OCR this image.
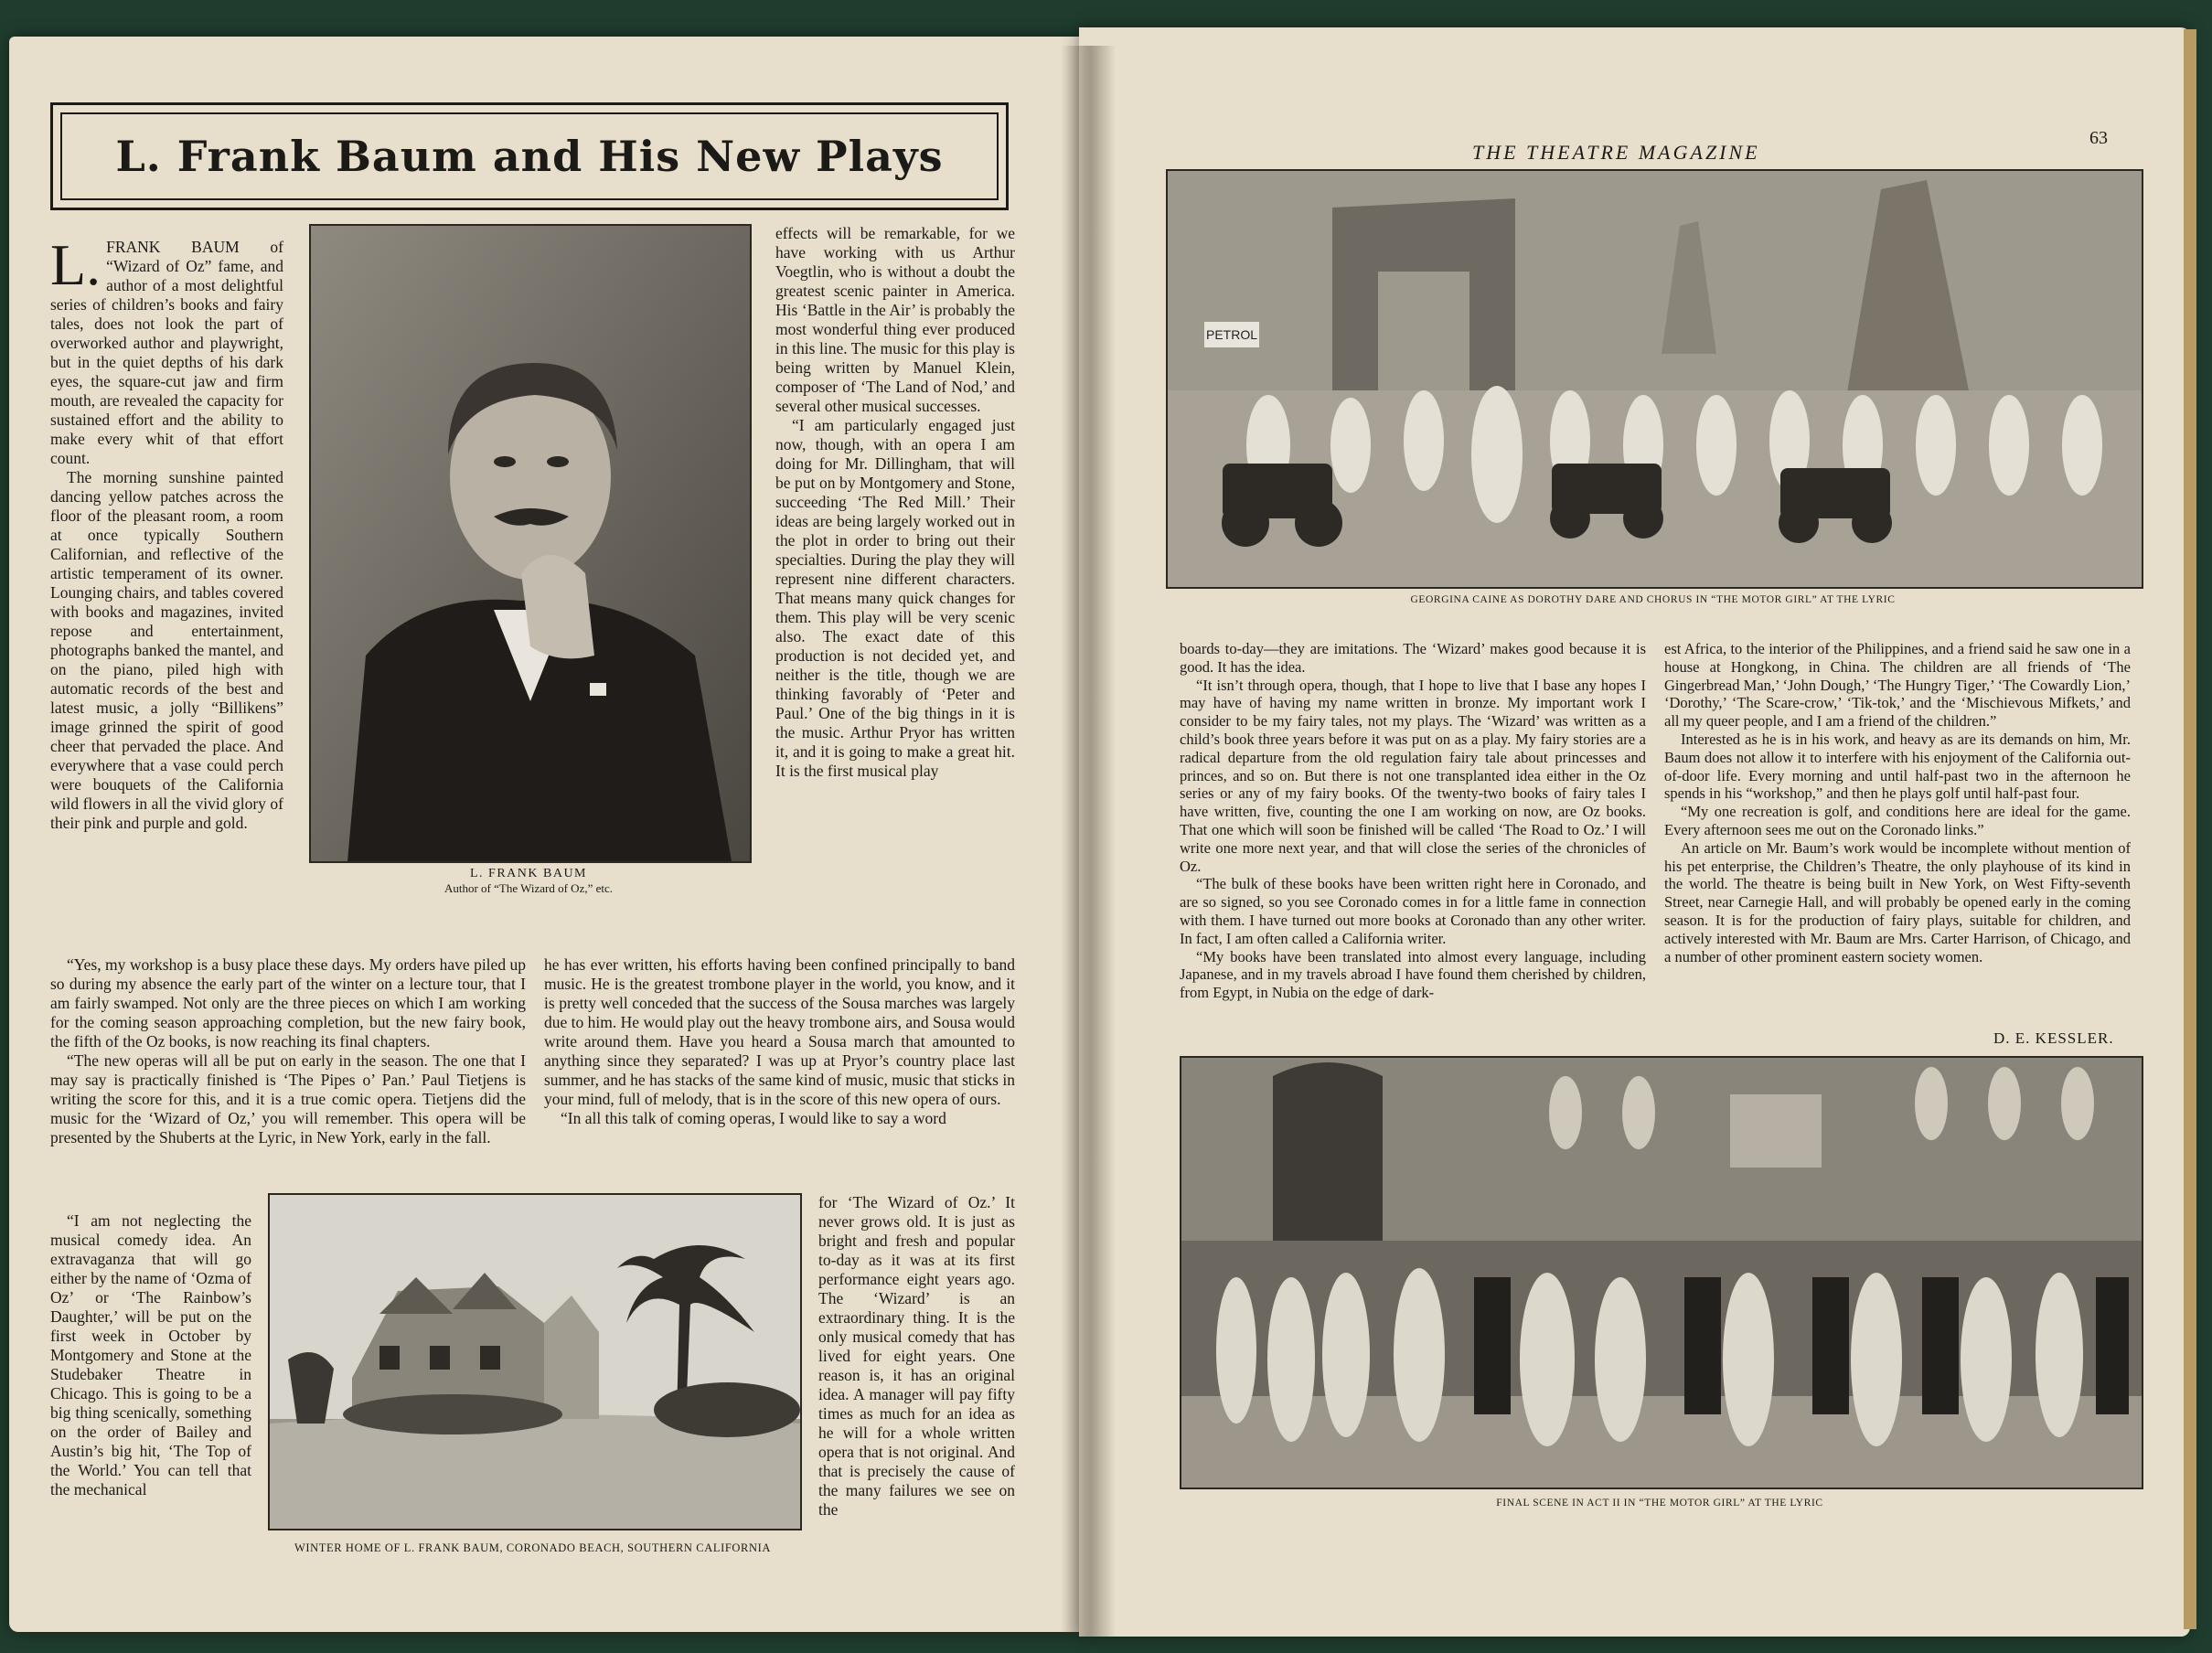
L. Frank Baum and His New Plays
L. FRANK BAUM of “Wizard of Oz” fame, and author of a most delightful series of children’s books and fairy tales, does not look the part of overworked author and playwright, but in the quiet depths of his dark eyes, the square-cut jaw and firm mouth, are revealed the capacity for sustained effort and the ability to make every whit of that effort count.

The morning sunshine painted dancing yellow patches across the floor of the pleasant room, a room at once typically Southern Californian, and reflective of the artistic temperament of its owner. Lounging chairs, and tables covered with books and magazines, invited repose and entertainment, photographs banked the mantel, and on the piano, piled high with automatic records of the best and latest music, a jolly “Billikens” image grinned the spirit of good cheer that pervaded the place. And everywhere that a vase could perch were bouquets of the California wild flowers in all the vivid glory of their pink and purple and gold.

L. FRANK BAUM
Author of “The Wizard of Oz,” etc.

effects will be remarkable, for we have working with us Arthur Voegtlin, who is without a doubt the greatest scenic painter in America. His ‘Battle in the Air’ is probably the most wonderful thing ever produced in this line. The music for this play is being written by Manuel Klein, composer of ‘The Land of Nod,’ and several other musical successes.

“I am particularly engaged just now, though, with an opera I am doing for Mr. Dillingham, that will be put on by Montgomery and Stone, succeeding ‘The Red Mill.’ Their ideas are being largely worked out in the plot in order to bring out their specialties. During the play they will represent nine different characters. That means many quick changes for them. This play will be very scenic also. The exact date of this production is not decided yet, and neither is the title, though we are thinking favorably of ‘Peter and Paul.’ One of the big things in it is the music. Arthur Pryor has written it, and it is going to make a great hit. It is the first musical play

“Yes, my workshop is a busy place these days. My orders have piled up so during my absence the early part of the winter on a lecture tour, that I am fairly swamped. Not only are the three pieces on which I am working for the coming season approaching completion, but the new fairy book, the fifth of the Oz books, is now reaching its final chapters.

“The new operas will all be put on early in the season. The one that I may say is practically finished is ‘The Pipes o’ Pan.’ Paul Tietjens is writing the score for this, and it is a true comic opera. Tietjens did the music for the ‘Wizard of Oz,’ you will remember. This opera will be presented by the Shuberts at the Lyric, in New York, early in the fall.

he has ever written, his efforts having been confined principally to band music. He is the greatest trombone player in the world, you know, and it is pretty well conceded that the success of the Sousa marches was largely due to him. He would play out the heavy trombone airs, and Sousa would write around them. Have you heard a Sousa march that amounted to anything since they separated? I was up at Pryor’s country place last summer, and he has stacks of the same kind of music, music that sticks in your mind, full of melody, that is in the score of this new opera of ours.

“In all this talk of coming operas, I would like to say a word

“I am not neglecting the musical comedy idea. An extravaganza that will go either by the name of ‘Ozma of Oz’ or ‘The Rainbow’s Daughter,’ will be put on the first week in October by Montgomery and Stone at the Studebaker Theatre in Chicago. This is going to be a big thing scenically, something on the order of Bailey and Austin’s big hit, ‘The Top of the World.’ You can tell that the mechanical

WINTER HOME OF L. FRANK BAUM, CORONADO BEACH, SOUTHERN CALIFORNIA

for ‘The Wizard of Oz.’ It never grows old. It is just as bright and fresh and popular to-day as it was at its first performance eight years ago. The ‘Wizard’ is an extraordinary thing. It is the only musical comedy that has lived for eight years. One reason is, it has an original idea. A manager will pay fifty times as much for an idea as he will for a whole written opera that is not original. And that is precisely the cause of the many failures we see on the

THE THEATRE MAGAZINE
63
PETROL
GEORGINA CAINE AS DOROTHY DARE AND CHORUS IN “THE MOTOR GIRL” AT THE LYRIC

boards to-day—they are imitations. The ‘Wizard’ makes good because it is good. It has the idea.

“It isn’t through opera, though, that I hope to live that I base any hopes I may have of having my name written in bronze. My important work I consider to be my fairy tales, not my plays. The ‘Wizard’ was written as a child’s book three years before it was put on as a play. My fairy stories are a radical departure from the old regulation fairy tale about princesses and princes, and so on. But there is not one transplanted idea either in the Oz series or any of my fairy books. Of the twenty-two books of fairy tales I have written, five, counting the one I am working on now, are Oz books. That one which will soon be finished will be called ‘The Road to Oz.’ I will write one more next year, and that will close the series of the chronicles of Oz.

“The bulk of these books have been written right here in Coronado, and are so signed, so you see Coronado comes in for a little fame in connection with them. I have turned out more books at Coronado than any other writer. In fact, I am often called a California writer.

“My books have been translated into almost every language, including Japanese, and in my travels abroad I have found them cherished by children, from Egypt, in Nubia on the edge of dark-

est Africa, to the interior of the Philippines, and a friend said he saw one in a house at Hongkong, in China. The children are all friends of ‘The Gingerbread Man,’ ‘John Dough,’ ‘The Hungry Tiger,’ ‘The Cowardly Lion,’ ‘Dorothy,’ ‘The Scare-crow,’ ‘Tik-tok,’ and the ‘Mischievous Mifkets,’ and all my queer people, and I am a friend of the children.”

Interested as he is in his work, and heavy as are its demands on him, Mr. Baum does not allow it to interfere with his enjoyment of the California out-of-door life. Every morning and until half-past two in the afternoon he spends in his “workshop,” and then he plays golf until half-past four.

“My one recreation is golf, and conditions here are ideal for the game. Every afternoon sees me out on the Coronado links.”

An article on Mr. Baum’s work would be incomplete without mention of his pet enterprise, the Children’s Theatre, the only playhouse of its kind in the world. The theatre is being built in New York, on West Fifty-seventh Street, near Carnegie Hall, and will probably be opened early in the coming season. It is for the production of fairy plays, suitable for children, and actively interested with Mr. Baum are Mrs. Carter Harrison, of Chicago, and a number of other prominent eastern society women.

D. E. KESSLER.
FINAL SCENE IN ACT II IN “THE MOTOR GIRL” AT THE LYRIC
